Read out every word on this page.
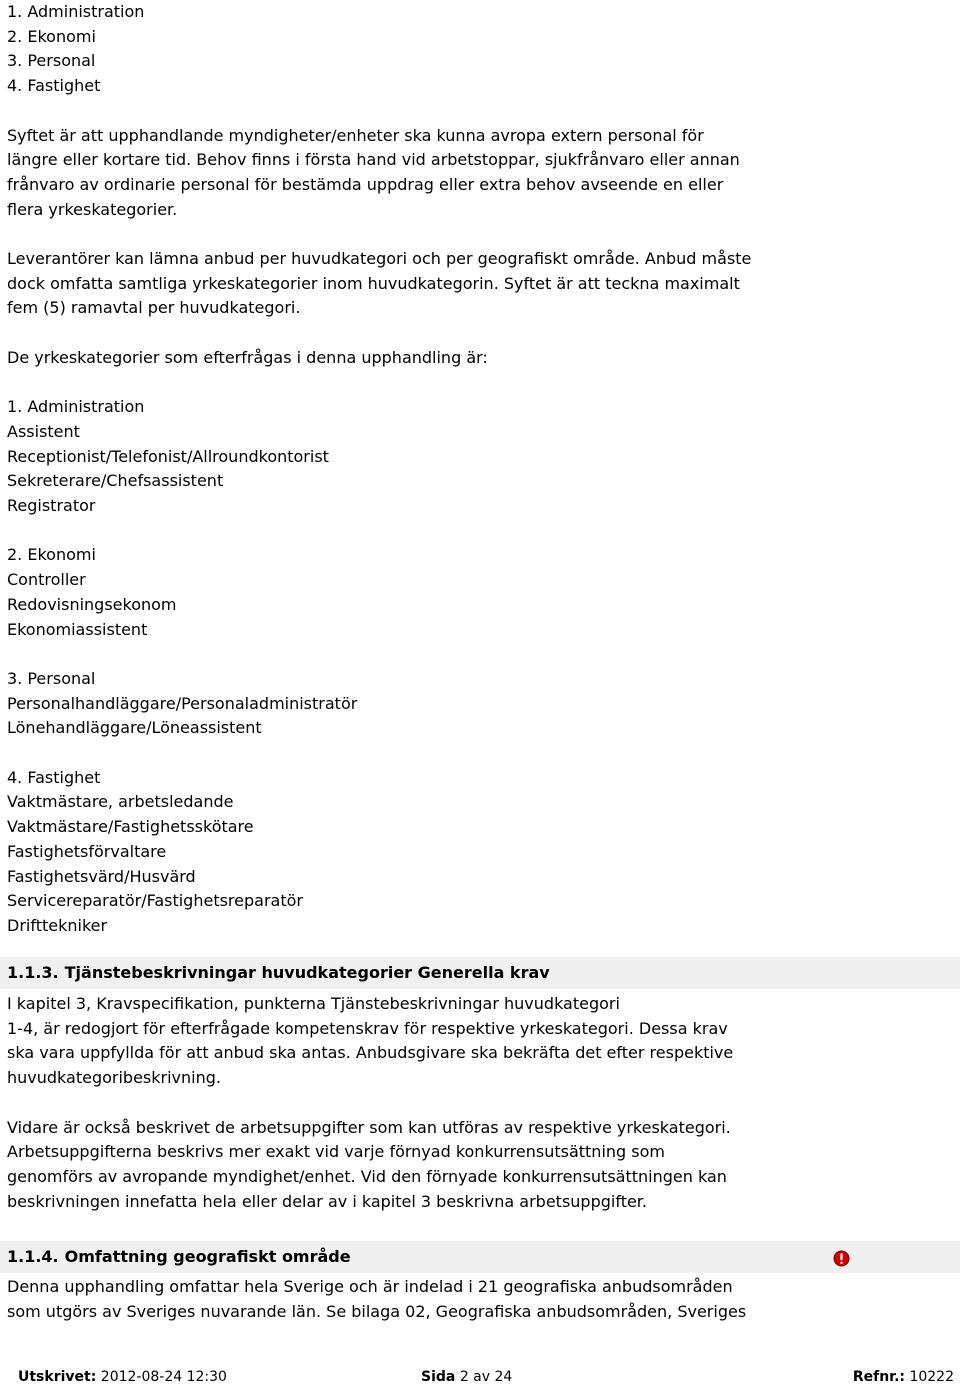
1. Administration
2. Ekonomi
3. Personal
4. Fastighet
Syftet är att upphandlande myndigheter/enheter ska kunna avropa extern personal för
längre eller kortare tid. Behov finns i första hand vid arbetstoppar, sjukfrånvaro eller annan
frånvaro av ordinarie personal för bestämda uppdrag eller extra behov avseende en eller
flera yrkeskategorier.
Leverantörer kan lämna anbud per huvudkategori och per geografiskt område. Anbud måste
dock omfatta samtliga yrkeskategorier inom huvudkategorin. Syftet är att teckna maximalt
fem (5) ramavtal per huvudkategori.
De yrkeskategorier som efterfrågas i denna upphandling är:
1. Administration
Assistent
Receptionist/Telefonist/Allroundkontorist
Sekreterare/Chefsassistent
Registrator
2. Ekonomi
Controller
Redovisningsekonom
Ekonomiassistent
3. Personal
Personalhandläggare/Personaladministratör
Lönehandläggare/Löneassistent
4. Fastighet
Vaktmästare, arbetsledande
Vaktmästare/Fastighetsskötare
Fastighetsförvaltare
Fastighetsvärd/Husvärd
Servicereparatör/Fastighetsreparatör
Drifttekniker
1.1.3. Tjänstebeskrivningar huvudkategorier Generella krav
I kapitel 3, Kravspecifikation, punkterna Tjänstebeskrivningar huvudkategori
1-4, är redogjort för efterfrågade kompetenskrav för respektive yrkeskategori. Dessa krav
ska vara uppfyllda för att anbud ska antas. Anbudsgivare ska bekräfta det efter respektive
huvudkategoribeskrivning.
Vidare är också beskrivet de arbetsuppgifter som kan utföras av respektive yrkeskategori.
Arbetsuppgifterna beskrivs mer exakt vid varje förnyad konkurrensutsättning som
genomförs av avropande myndighet/enhet. Vid den förnyade konkurrensutsättningen kan
beskrivningen innefatta hela eller delar av i kapitel 3 beskrivna arbetsuppgifter.
1.1.4. Omfattning geografiskt område
Denna upphandling omfattar hela Sverige och är indelad i 21 geografiska anbudsområden
som utgörs av Sveriges nuvarande län. Se bilaga 02, Geografiska anbudsområden, Sveriges
Utskrivet: 2012-08-24 12:30	Sida 2 av 24	Refnr.: 10222
